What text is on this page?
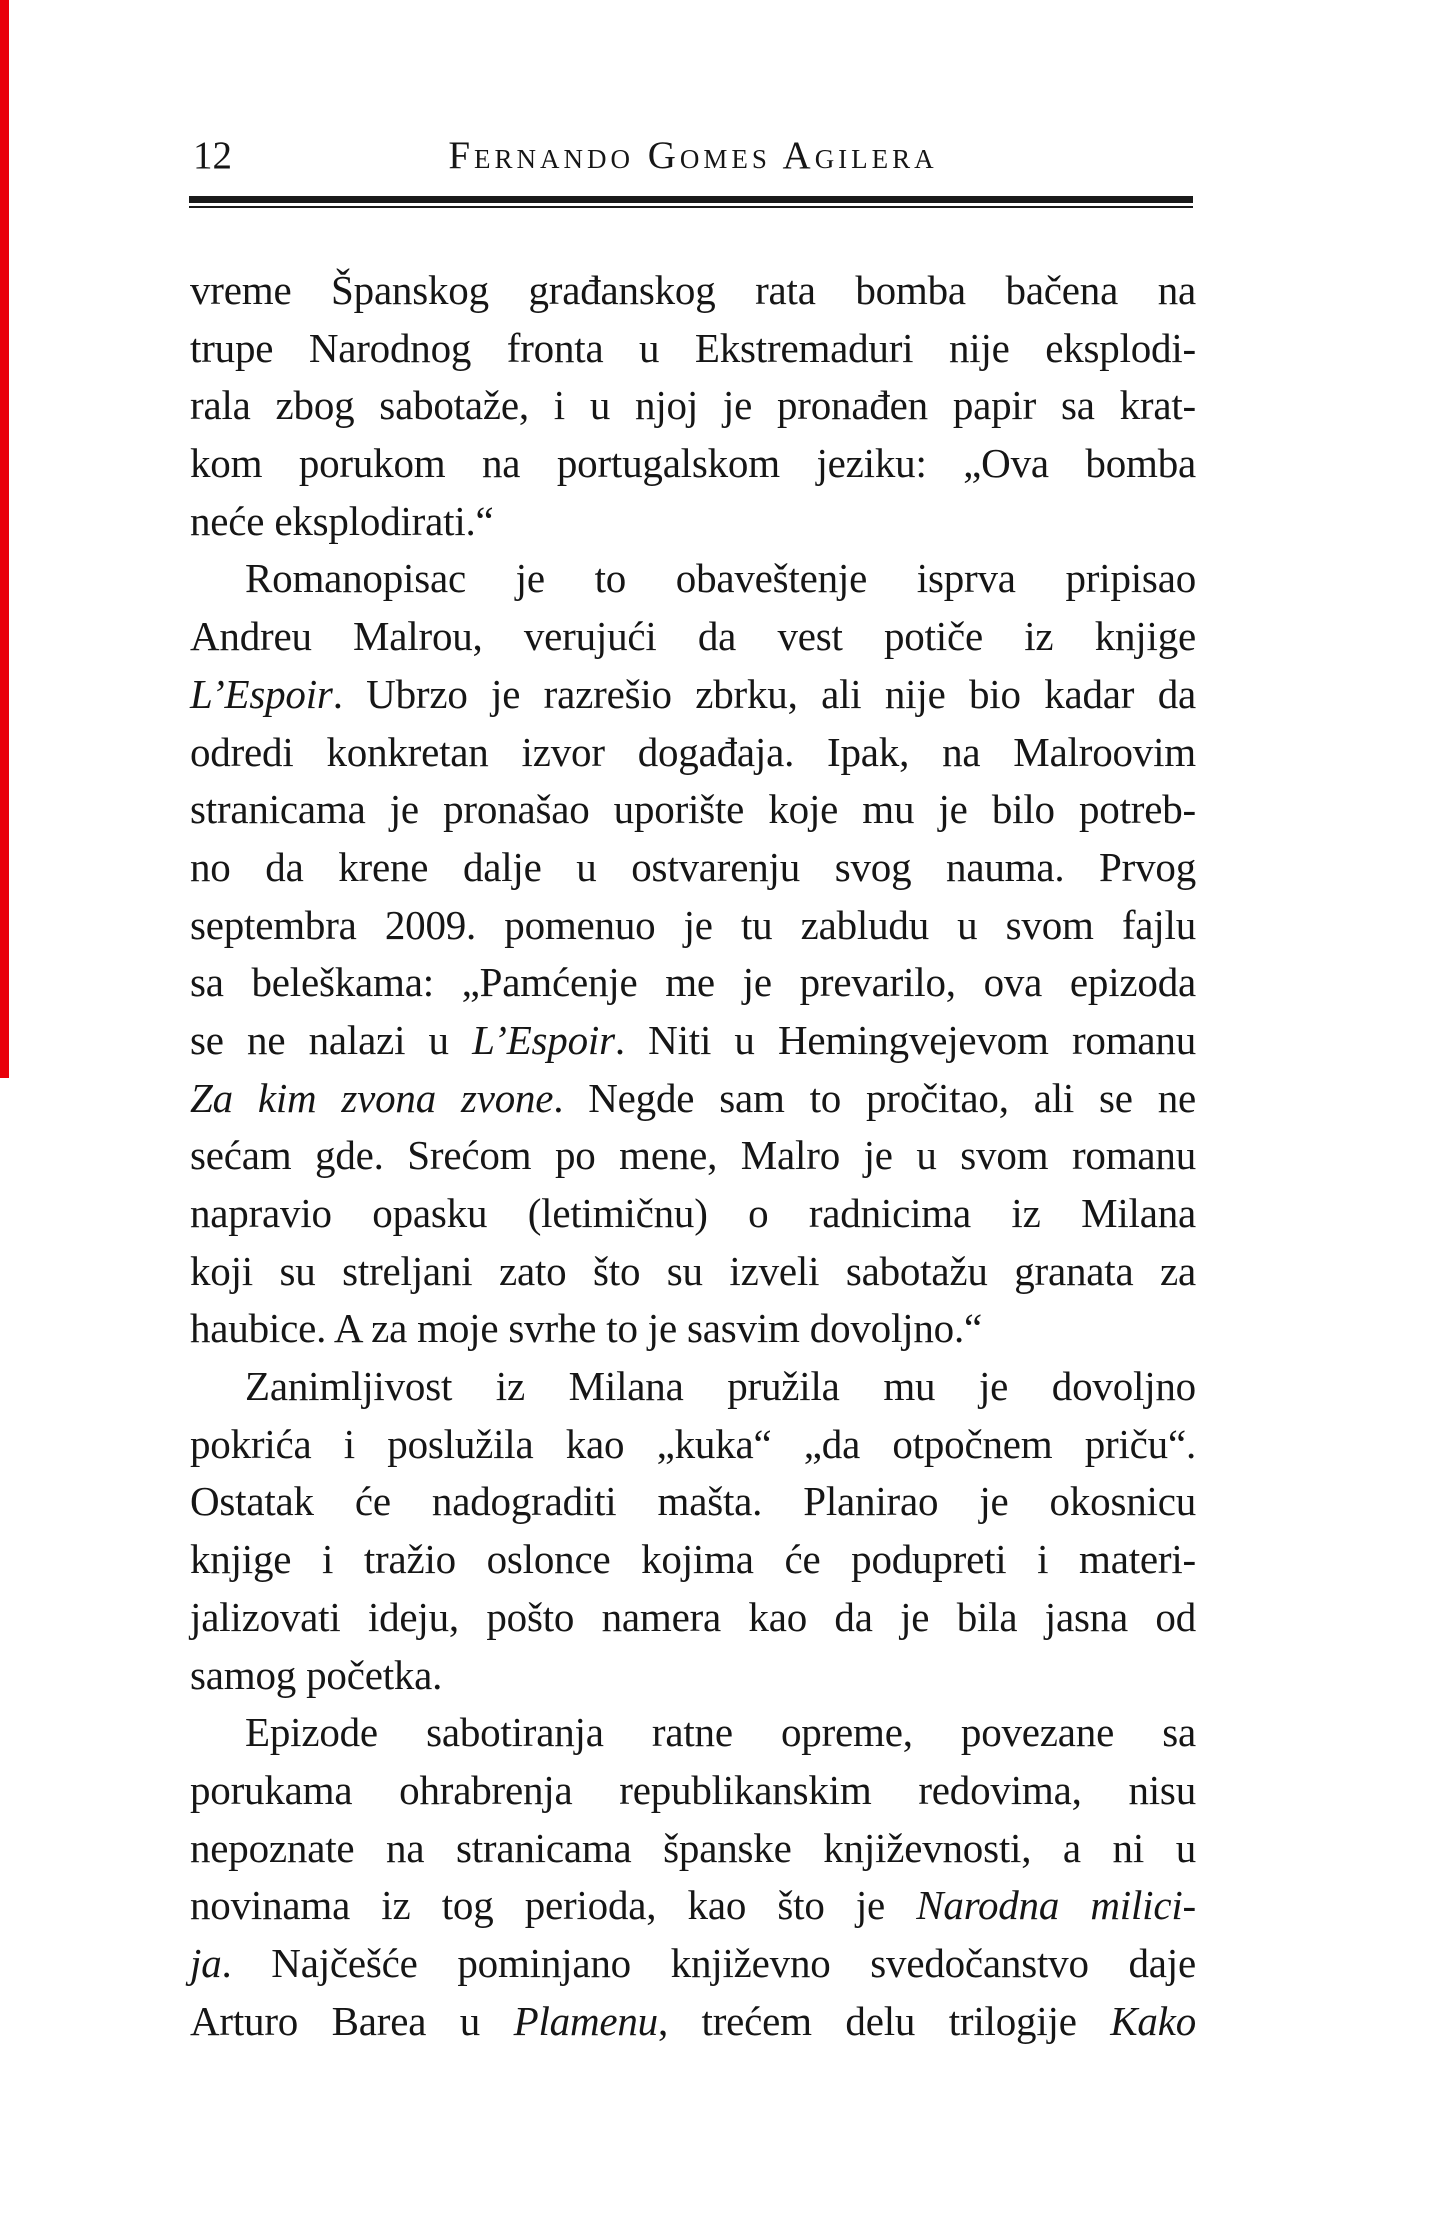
12	Fernando Gomes Agilera
vreme Španskog građanskog rata bomba bačena na
trupe Narodnog fronta u Ekstremaduri nije eksplodi-
rala zbog sabotaže, i u njoj je pronađen papir sa krat-
kom porukom na portugalskom jeziku: „Ova bomba
neće eksplodirati.“
Romanopisac je to obaveštenje isprva pripisao
Andreu Malrou, verujući da vest potiče iz knjige
L’Espoir. Ubrzo je razrešio zbrku, ali nije bio kadar da
odredi konkretan izvor događaja. Ipak, na Malroovim
stranicama je pronašao uporište koje mu je bilo potreb-
no da krene dalje u ostvarenju svog nauma. Prvog
septembra 2009. pomenuo je tu zabludu u svom fajlu
sa beleškama: „Pamćenje me je prevarilo, ova epizoda
se ne nalazi u L’Espoir. Niti u Hemingvejevom romanu
Za kim zvona zvone. Negde sam to pročitao, ali se ne
sećam gde. Srećom po mene, Malro je u svom romanu
napravio opasku (letimičnu) o radnicima iz Milana
koji su streljani zato što su izveli sabotažu granata za
haubice. A za moje svrhe to je sasvim dovoljno.“
Zanimljivost iz Milana pružila mu je dovoljno
pokrića i poslužila kao „kuka“ „da otpočnem priču“.
Ostatak će nadograditi mašta. Planirao je okosnicu
knjige i tražio oslonce kojima će podupreti i materi-
jalizovati ideju, pošto namera kao da je bila jasna od
samog početka.
Epizode sabotiranja ratne opreme, povezane sa
porukama ohrabrenja republikanskim redovima, nisu
nepoznate na stranicama španske književnosti, a ni u
novinama iz tog perioda, kao što je Narodna milici-
ja. Najčešće pominjano književno svedočanstvo daje
Arturo Barea u Plamenu, trećem delu trilogije Kako
